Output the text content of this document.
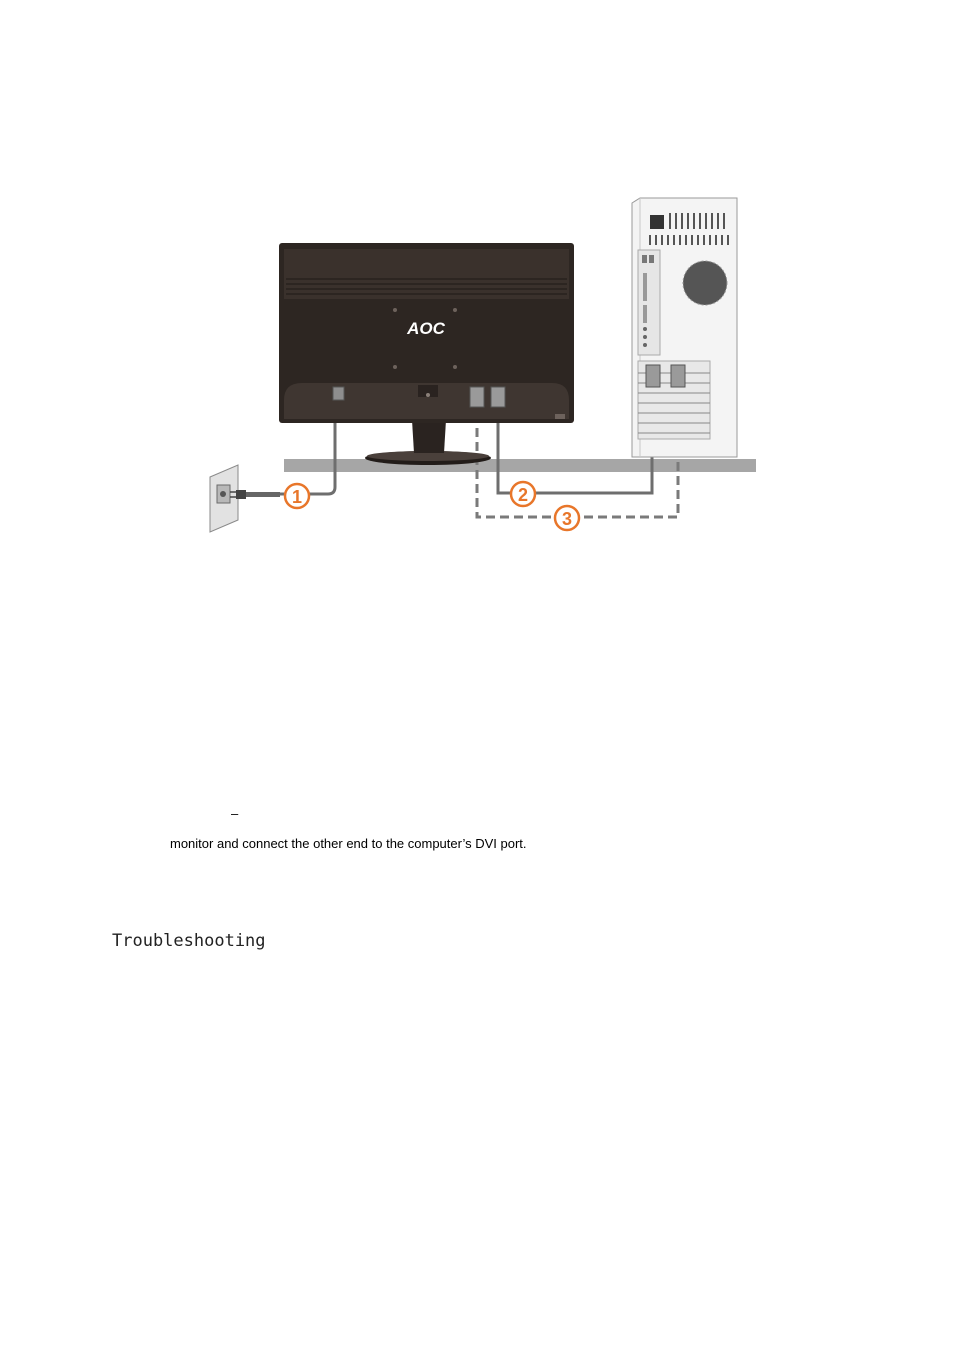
AOC
1	2
3
–
monitor and connect the other end to the computer’s DVI port.
Troubleshooting
